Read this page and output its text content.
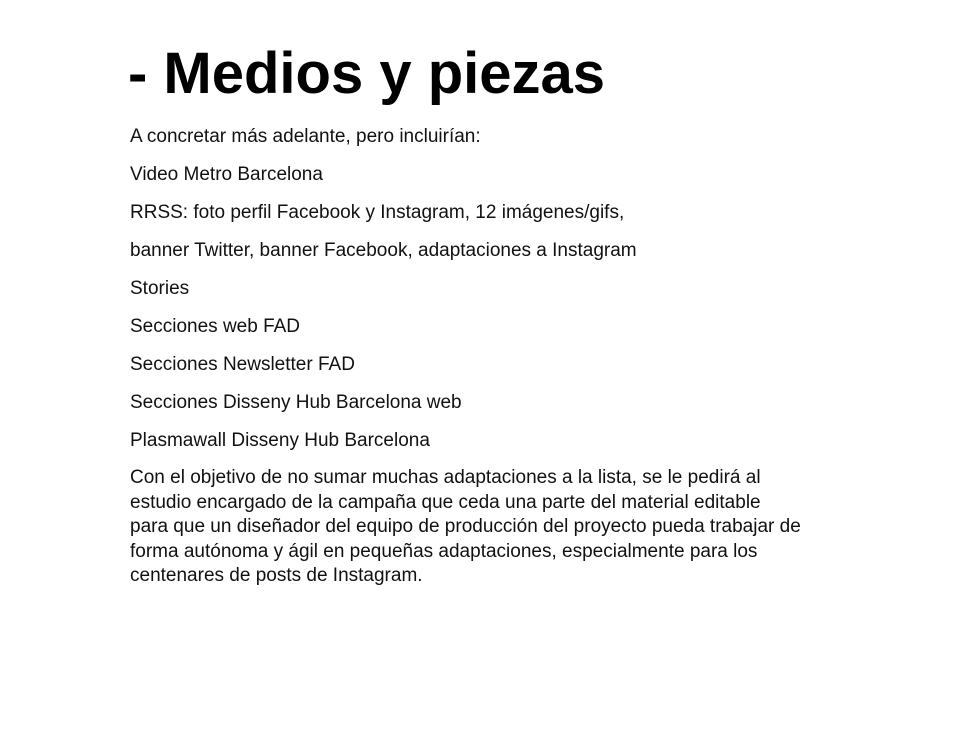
- Medios y piezas

A concretar más adelante, pero incluirían:

Video Metro Barcelona

RRSS: foto perfil Facebook y Instagram, 12 imágenes/gifs,

banner Twitter, banner Facebook, adaptaciones a Instagram

Stories

Secciones web FAD

Secciones Newsletter FAD

Secciones Disseny Hub Barcelona web

Plasmawall Disseny Hub Barcelona

Con el objetivo de no sumar muchas adaptaciones a la lista, se le pedirá al
estudio encargado de la campaña que ceda una parte del material editable
para que un diseñador del equipo de producción del proyecto pueda trabajar de
forma autónoma y ágil en pequeñas adaptaciones, especialmente para los
centenares de posts de Instagram.
